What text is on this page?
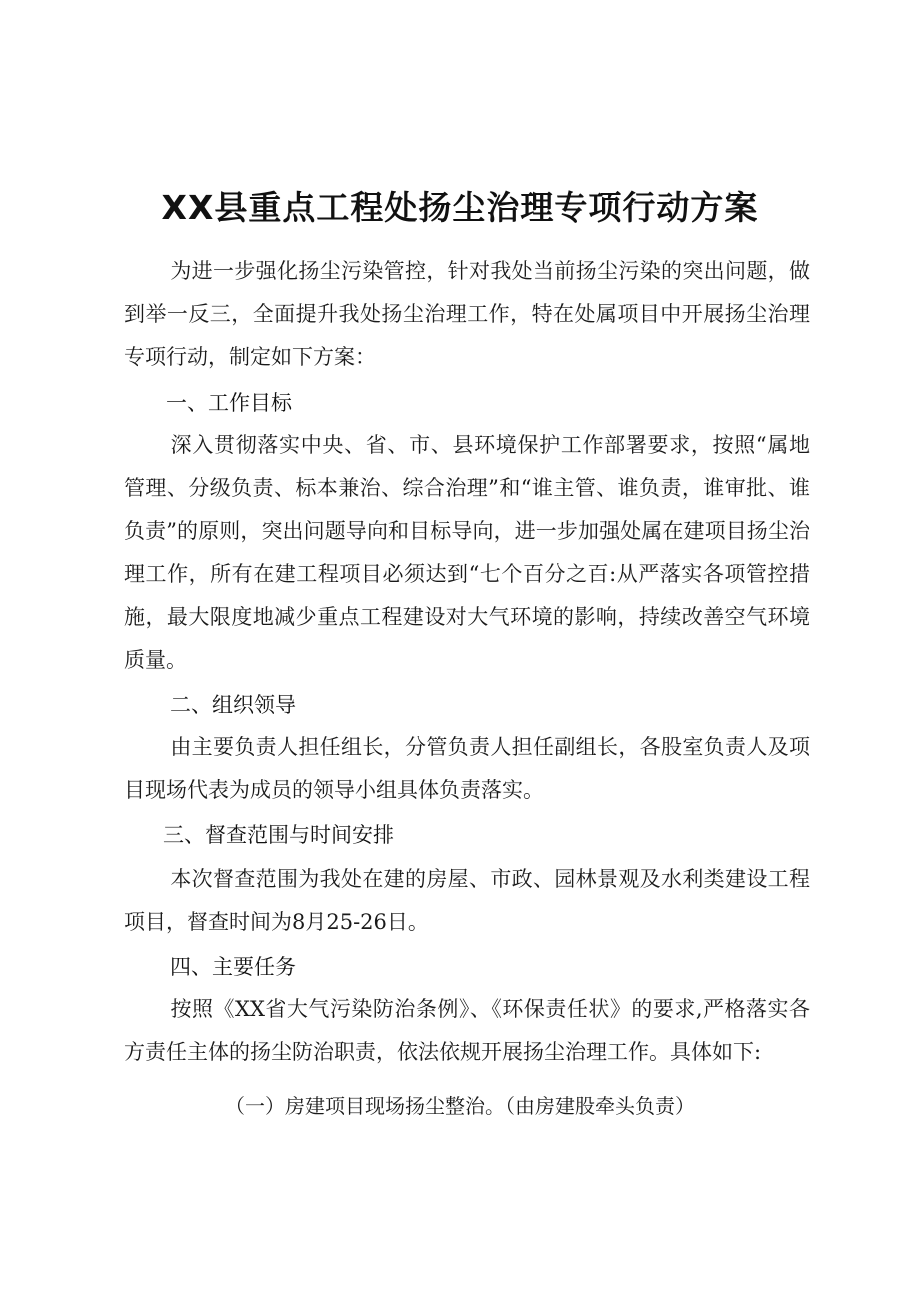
XX县重点工程处扬尘治理专项行动方案
为进一步强化扬尘污染管控，针对我处当前扬尘污染的突出问题，做到举一反三，全面提升我处扬尘治理工作，特在处属项目中开展扬尘治理专项行动，制定如下方案：
一、工作目标
深入贯彻落实中央、省、市、县环境保护工作部署要求，按照“属地管理、分级负责、标本兼治、综合治理”和“谁主管、谁负责，谁审批、谁负责”的原则，突出问题导向和目标导向，进一步加强处属在建项目扬尘治理工作，所有在建工程项目必须达到“七个百分之百:从严落实各项管控措施，最大限度地减少重点工程建设对大气环境的影响，持续改善空气环境质量。
二、组织领导
由主要负责人担任组长，分管负责人担任副组长，各股室负责人及项目现场代表为成员的领导小组具体负责落实。
三、督查范围与时间安排
本次督查范围为我处在建的房屋、市政、园林景观及水利类建设工程项目，督查时间为8月25-26日。
四、主要任务
按照《XX省大气污染防治条例》、《环保责任状》的要求,严格落实各方责任主体的扬尘防治职责，依法依规开展扬尘治理工作。具体如下:
（一）房建项目现场扬尘整治。（由房建股牵头负责）
